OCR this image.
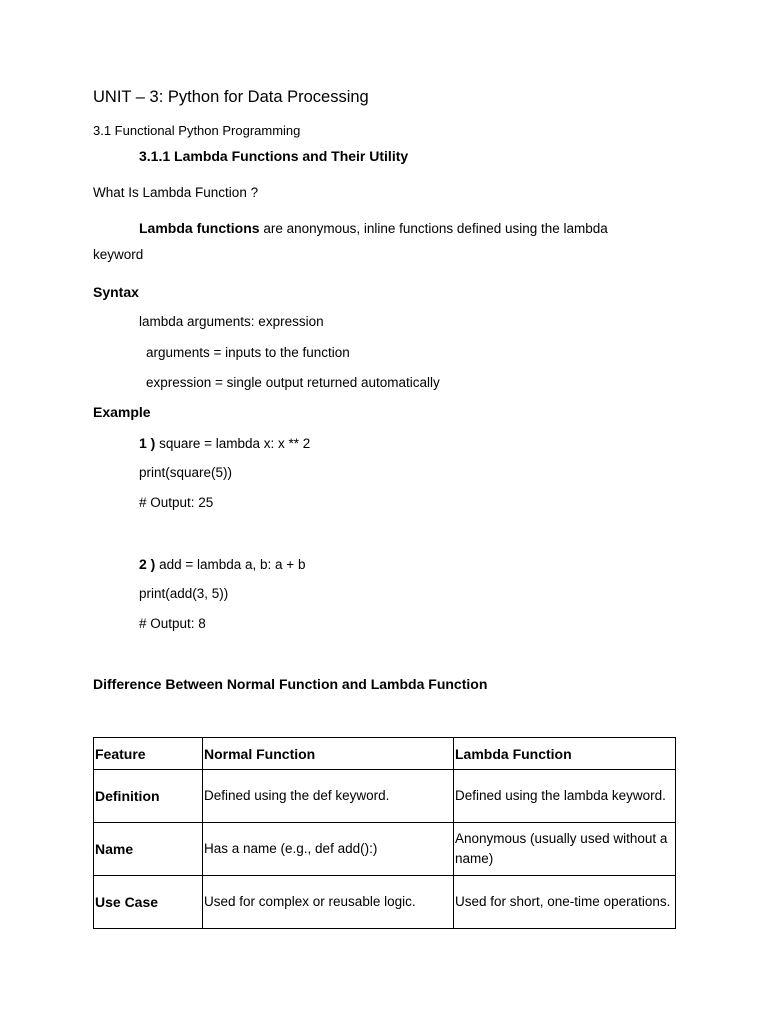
UNIT – 3: Python for Data Processing
3.1 Functional Python Programming
3.1.1 Lambda Functions and Their Utility
What Is Lambda Function ?
Lambda functions are anonymous, inline functions defined using the lambda
keyword
Syntax
lambda arguments: expression
arguments = inputs to the function
expression = single output returned automatically
Example
1 ) square = lambda x: x ** 2
print(square(5))
# Output: 25
2 ) add = lambda a, b: a + b
print(add(3, 5))
# Output: 8
Difference Between Normal Function and Lambda Function
Feature	Normal Function	Lambda Function
Definition	Defined using the def keyword.	Defined using the lambda keyword.
Name	Has a name (e.g., def add():)	Anonymous (usually used without a name)
Use Case	Used for complex or reusable logic.	Used for short, one-time operations.
